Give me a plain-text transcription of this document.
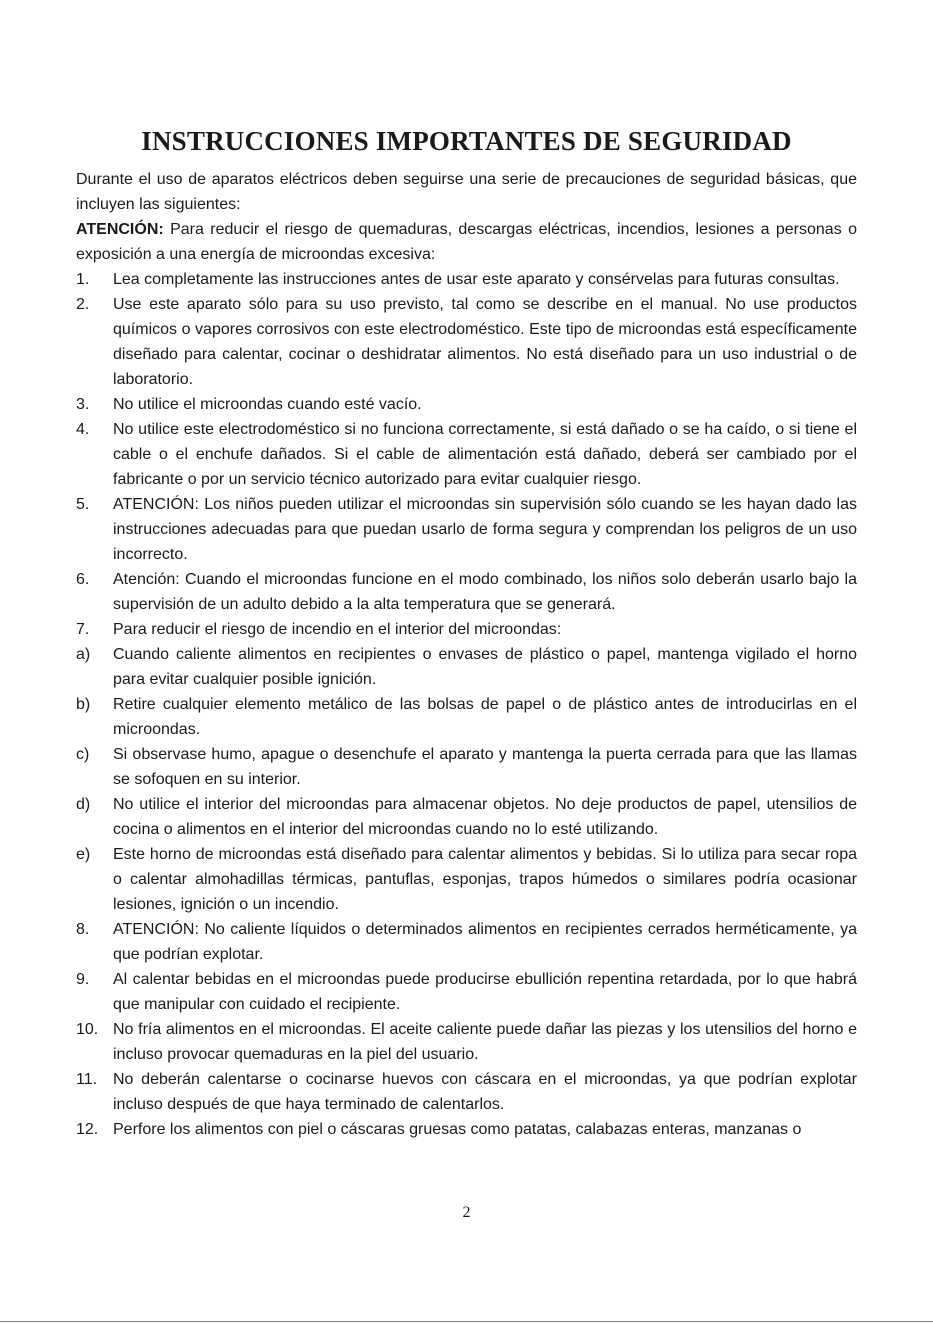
INSTRUCCIONES IMPORTANTES DE SEGURIDAD

Durante el uso de aparatos eléctricos deben seguirse una serie de precauciones de seguridad básicas, que incluyen las siguientes:

ATENCIÓN: Para reducir el riesgo de quemaduras, descargas eléctricas, incendios, lesiones a personas o exposición a una energía de microondas excesiva:

1. Lea completamente las instrucciones antes de usar este aparato y consérvelas para futuras consultas.
2. Use este aparato sólo para su uso previsto, tal como se describe en el manual. No use productos químicos o vapores corrosivos con este electrodoméstico. Este tipo de microondas está específicamente diseñado para calentar, cocinar o deshidratar alimentos. No está diseñado para un uso industrial o de laboratorio.
3. No utilice el microondas cuando esté vacío.
4. No utilice este electrodoméstico si no funciona correctamente, si está dañado o se ha caído, o si tiene el cable o el enchufe dañados. Si el cable de alimentación está dañado, deberá ser cambiado por el fabricante o por un servicio técnico autorizado para evitar cualquier riesgo.
5. ATENCIÓN: Los niños pueden utilizar el microondas sin supervisión sólo cuando se les hayan dado las instrucciones adecuadas para que puedan usarlo de forma segura y comprendan los peligros de un uso incorrecto.
6. Atención: Cuando el microondas funcione en el modo combinado, los niños solo deberán usarlo bajo la supervisión de un adulto debido a la alta temperatura que se generará.
7. Para reducir el riesgo de incendio en el interior del microondas:
a) Cuando caliente alimentos en recipientes o envases de plástico o papel, mantenga vigilado el horno para evitar cualquier posible ignición.
b) Retire cualquier elemento metálico de las bolsas de papel o de plástico antes de introducirlas en el microondas.
c) Si observase humo, apague o desenchufe el aparato y mantenga la puerta cerrada para que las llamas se sofoquen en su interior.
d) No utilice el interior del microondas para almacenar objetos. No deje productos de papel, utensilios de cocina o alimentos en el interior del microondas cuando no lo esté utilizando.
e) Este horno de microondas está diseñado para calentar alimentos y bebidas. Si lo utiliza para secar ropa o calentar almohadillas térmicas, pantuflas, esponjas, trapos húmedos o similares podría ocasionar lesiones, ignición o un incendio.
8. ATENCIÓN: No caliente líquidos o determinados alimentos en recipientes cerrados herméticamente, ya que podrían explotar.
9. Al calentar bebidas en el microondas puede producirse ebullición repentina retardada, por lo que habrá que manipular con cuidado el recipiente.
10. No fría alimentos en el microondas. El aceite caliente puede dañar las piezas y los utensilios del horno e incluso provocar quemaduras en la piel del usuario.
11. No deberán calentarse o cocinarse huevos con cáscara en el microondas, ya que podrían explotar incluso después de que haya terminado de calentarlos.
12. Perfore los alimentos con piel o cáscaras gruesas como patatas, calabazas enteras, manzanas o
2
